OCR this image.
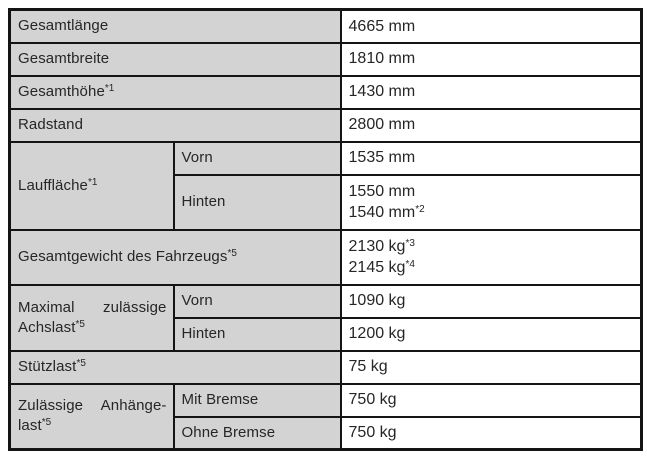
Gesamtlänge		4665 mm

Gesamtbreite		1810 mm

Gesamthöhe$^{*1}$		1430 mm

Radstand		2800 mm

Lauffläche$^{*1}$	Vorn	1535 mm

	Hinten	1550 mm
1540 mm$^{*2}$

Gesamtgewicht des Fahrzeugs$^{*5}$		2130 kg$^{*3}$
2145 kg$^{*4}$

Maximal zulässige
Achslast$^{*5}$	Vorn	1090 kg

	Hinten	1200 kg

Stützlast$^{*5}$		75 kg

Zulässige Anhänge-
last$^{*5}$	Mit Bremse	750 kg

	Ohne Bremse	750 kg
